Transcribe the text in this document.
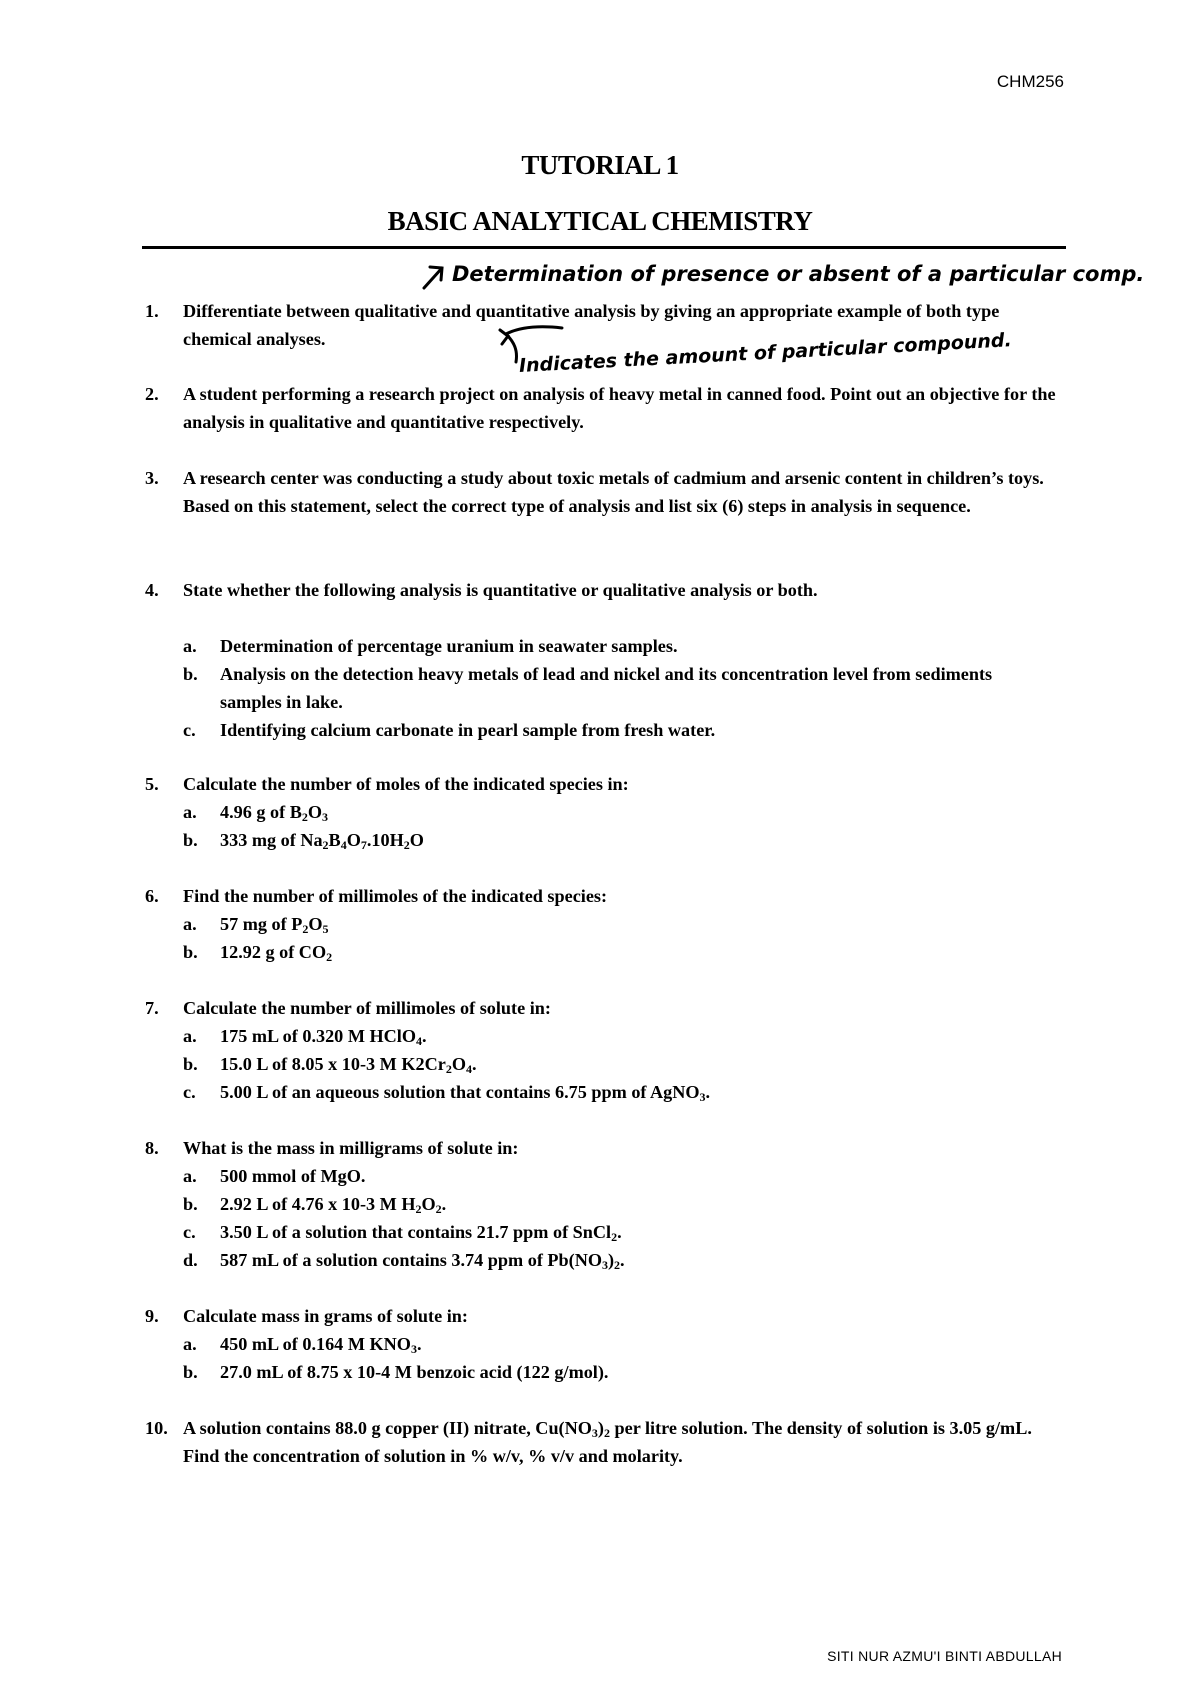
CHM256
TUTORIAL 1
BASIC ANALYTICAL CHEMISTRY
Determination of presence or absent of a particular comp.
Indicates the amount of particular compound.
1.	Differentiate between qualitative and quantitative analysis by giving an appropriate example of both type chemical analyses.
2.	A student performing a research project on analysis of heavy metal in canned food. Point out an objective for the analysis in qualitative and quantitative respectively.
3.	A research center was conducting a study about toxic metals of cadmium and arsenic content in children’s toys. Based on this statement, select the correct type of analysis and list six (6) steps in analysis in sequence.
4.	State whether the following analysis is quantitative or qualitative analysis or both.
a. Determination of percentage uranium in seawater samples.
b. Analysis on the detection heavy metals of lead and nickel and its concentration level from sediments samples in lake.
c. Identifying calcium carbonate in pearl sample from fresh water.
5.	Calculate the number of moles of the indicated species in:
a. 4.96 g of $B_2O_3$
b. 333 mg of $Na_2B_4O_7.10H_2O$
6.	Find the number of millimoles of the indicated species:
a. 57 mg of $P_2O_5$
b. 12.92 g of $CO_2$
7.	Calculate the number of millimoles of solute in:
a. 175 mL of 0.320 M HClO$_4$.
b. 15.0 L of 8.05 x 10-3 M $K2Cr_2O_4$.
c. 5.00 L of an aqueous solution that contains 6.75 ppm of AgNO$_3$.
8.	What is the mass in milligrams of solute in:
a. 500 mmol of MgO.
b. 2.92 L of 4.76 x 10-3 M $H_2O_2$.
c. 3.50 L of a solution that contains 21.7 ppm of SnCl$_2$.
d. 587 mL of a solution contains 3.74 ppm of $Pb(NO_3)_2$.
9.	Calculate mass in grams of solute in:
a. 450 mL of 0.164 M $KNO_3$.
b. 27.0 mL of 8.75 x 10-4 M benzoic acid (122 g/mol).
10. A solution contains 88.0 g copper (II) nitrate, $Cu(NO_3)_2$ per litre solution. The density of solution is 3.05 g/mL. Find the concentration of solution in % w/v, % v/v and molarity.
SITI NUR AZMU'I BINTI ABDULLAH
